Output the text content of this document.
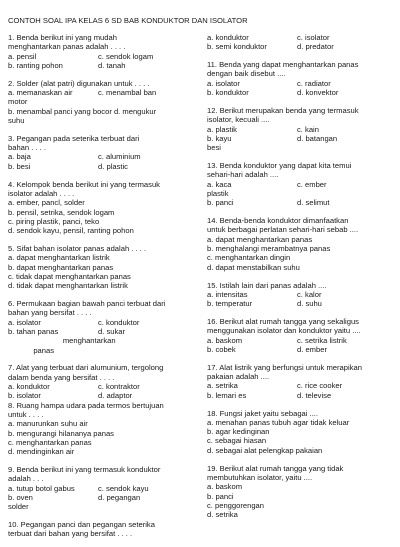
CONTOH SOAL IPA KELAS 6 SD BAB KONDUKTOR DAN ISOLATOR
1. Benda berikut ini yang mudah
menghantarkan panas adalah . . . .
a. pensil	c. sendok logam
b. ranting pohon	d. tanah
2. Solder (alat patri) digunakan untuk . . . .
a. memanaskan air	c. menambal ban
motor
b. menambal panci yang bocor d. mengukur
suhu
3. Pegangan pada seterika terbuat dari
bahan . . . .
a. baja	c. aluminium
b. besi	d. plastic
4. Kelompok benda berikut ini yang termasuk
isolator adalah . . . .
a. ember, pancl, solder
b. pensil, setrika, sendok logam
c. piring plastik, panci, teko
d. sendok kayu, pensil, ranting pohon
5. Sifat bahan isolator panas adalah . . . .
a. dapat menghantarkan listrik
b. dapat menghantarkan panas
c. tidak dapat menghantarkan panas
d. tidak dapat menghantarkan listrik
6. Permukaan bagian bawah panci terbuat dari
bahan yang bersifat . . . .
a. isolator	c. konduktor
b. tahan panas	d. sukar
menghantarkan
panas
7. Alat yang terbuat dari alumunium, tergolong
dalam benda yang bersifat . . . .
a. konduktor	c. kontraktor
b. isolator	d. adaptor
8. Ruang hampa udara pada termos bertujuan
untuk . . . .
a. manurunkan suhu air
b. mengurangi hilananya panas
c. menghantarkan panas
d. mendinginkan air
9. Benda berikut ini yang termasuk konduktor
adalah . . .
a. tutup botol gabus	c. sendok kayu
b. oven	d. pegangan
solder
10. Pegangan panci dan pegangan seterika
terbuat dari bahan yang bersifat . . . .
a. konduktor	c. isolator
b. semi konduktor	d. predator
11. Benda yang dapat menghantarkan panas
dengan baik disebut ....
a. isolator	c. radiator
b. konduktor	d. konvektor
12. Berikut merupakan benda yang termasuk
isolator, kecuali ....
a. plastik	c. kain
b. kayu	d. batangan
besi
13. Benda konduktor yang dapat kita temui
sehari-hari adalah ....
a. kaca	c. ember
plastik
b. panci	d. selimut
14. Benda-benda konduktor dimanfaatkan
untuk berbagai perlatan sehari-hari sebab ....
a. dapat menghantarkan panas
b. menghalangi merambatnya panas
c. menghantarkan dingin
d. dapat menstabilkan suhu
15. Istilah lain dari panas adalah ....
a. intensitas	c. kalor
b. temperatur	d. suhu
16. Berikut alat rumah tangga yang sekaligus
menggunakan isolator dan konduktor yaitu ....
a. baskom	c. setrika listrik
b. cobek	d. ember
17. Alat listrik yang berfungsi untuk merapikan
pakaian adalah ....
a. setrika	c. rice cooker
b. lemari es	d. televise
18. Fungsi jaket yaitu sebagai ....
a. menahan panas tubuh agar tidak keluar
b. agar kedinginan
c. sebagai hiasan
d. sebagai alat pelengkap pakaian
19. Berikut alat rumah tangga yang tidak
membutuhkan isolator, yaitu ....
a. baskom
b. panci
c. penggorengan
d. setrika
